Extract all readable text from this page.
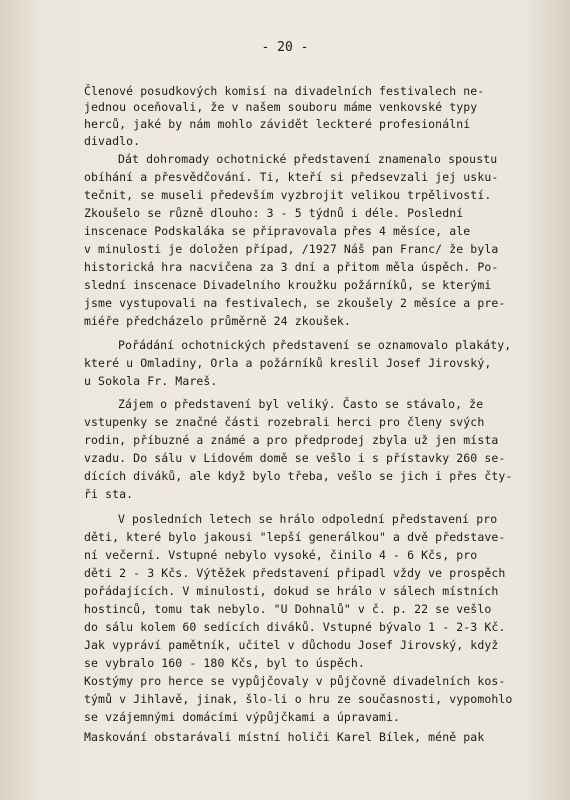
- 20 -
Členové posudkových komisí na divadelních festivalech ne-
jednou oceňovali, že v našem souboru máme venkovské typy
herců, jaké by nám mohlo závidět leckteré profesionální
divadlo.
Dát dohromady ochotnické představení znamenalo spoustu
obíhání a přesvědčování. Ti, kteří si předsevzali jej usku-
tečnit, se museli především vyzbrojit velikou trpělivostí.
Zkoušelo se různě dlouho: 3 - 5 týdnů i déle. Poslední
inscenace Podskaláka se připravovala přes 4 měsíce, ale
v minulosti je doložen případ, /1927 Náš pan Franc/ že byla
historická hra nacvičena za 3 dní a přitom měla úspěch. Po-
slední inscenace Divadelního kroužku požárníků, se kterými
jsme vystupovali na festivalech, se zkoušely 2 měsíce a pre-
miéře předcházelo průměrně 24 zkoušek.
Pořádání ochotnických představení se oznamovalo plakáty,
které u Omladiny, Orla a požárníků kreslil Josef Jirovský,
u Sokola Fr. Mareš.
Zájem o představení byl veliký. Často se stávalo, že
vstupenky se značné části rozebrali herci pro členy svých
rodin, příbuzné a známé a pro předprodej zbyla už jen místa
vzadu. Do sálu v Lidovém domě se vešlo i s přístavky 260 se-
dících diváků, ale když bylo třeba, vešlo se jich i přes čty-
ři sta.
V posledních letech se hrálo odpolední představení pro
děti, které bylo jakousi "lepší generálkou" a dvě představe-
ní večerní. Vstupné nebylo vysoké, činilo 4 - 6 Kčs, pro
děti 2 - 3 Kčs. Výtěžek představení připadl vždy ve prospěch
pořádajících. V minulosti, dokud se hrálo v sálech místních
hostinců, tomu tak nebylo. "U Dohnalů" v č. p. 22 se vešlo
do sálu kolem 60 sedících diváků. Vstupné bývalo 1 - 2-3 Kč.
Jak vypráví pamětník, učitel v důchodu Josef Jirovský, když
se vybralo 160 - 180 Kčs, byl to úspěch.
Kostýmy pro herce se vypůjčovaly v půjčovně divadelních kos-
týmů v Jihlavě, jinak, šlo-li o hru ze současnosti, vypomohlo
se vzájemnými domácími výpůjčkami a úpravami.
Maskování obstarávali místní holiči Karel Bílek, méně pak
